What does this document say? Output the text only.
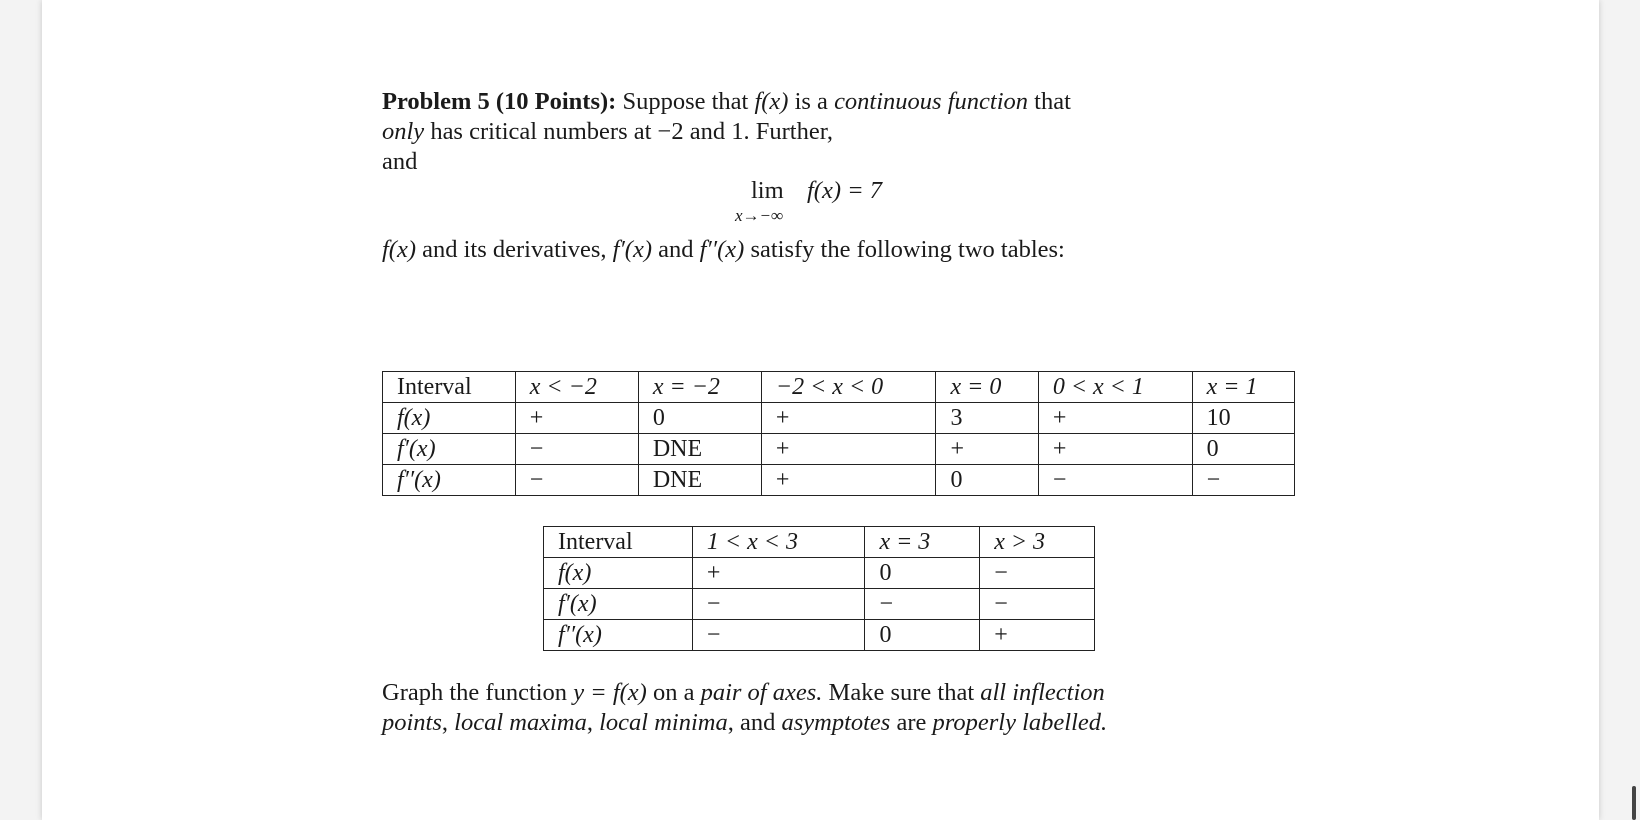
Problem 5 (10 Points): Suppose that f(x) is a continuous function that
only has critical numbers at −2 and 1. Further,
and
lim
x→−∞
f(x) = 7
f(x) and its derivatives, f′(x) and f′′(x) satisfy the following two tables:
Interval	x < −2	x = −2	−2 < x < 0	x = 0	0 < x < 1	x = 1
f(x)	+	0	+	3	+	10
f′(x)	−	DNE	+	+	+	0
f′′(x)	−	DNE	+	0	−	−
Interval	1 < x < 3	x = 3	x > 3
f(x)	+	0	−
f′(x)	−	−	−
f′′(x)	−	0	+
Graph the function y = f(x) on a pair of axes. Make sure that all inflection
points, local maxima, local minima, and asymptotes are properly labelled.
